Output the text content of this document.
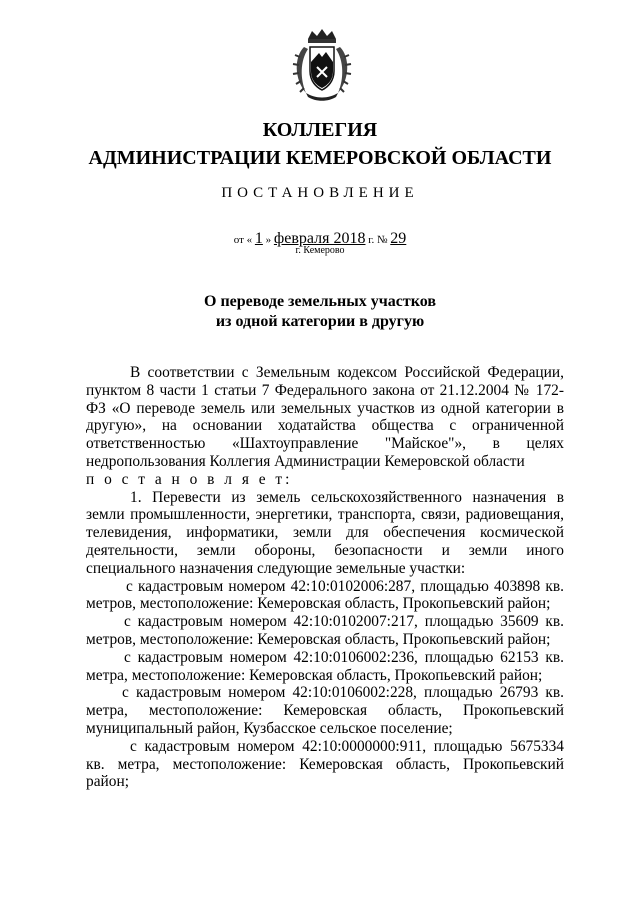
КОЛЛЕГИЯ
АДМИНИСТРАЦИИ КЕМЕРОВСКОЙ ОБЛАСТИ
ПОСТАНОВЛЕНИЕ
от « 1 » февраля 2018 г. № 29
г. Кемерово
О переводе земельных участков
из одной категории в другую

В соответствии с Земельным кодексом Российской Федерации, пунктом 8 части 1 статьи 7 Федерального закона от 21.12.2004 № 172-ФЗ «О переводе земель или земельных участков из одной категории в другую», на основании ходатайства общества с ограниченной ответственностью «Шахтоуправление "Майское"», в целях недропользования Коллегия Администрации Кемеровской области

п о с т а н о в л я е т:

1. Перевести из земель сельскохозяйственного назначения в земли промышленности, энергетики, транспорта, связи, радиовещания, телевидения, информатики, земли для обеспечения космической деятельности, земли обороны, безопасности и земли иного специального назначения следующие земельные участки:

с кадастровым номером 42:10:0102006:287, площадью 403898 кв. метров, местоположение: Кемеровская область, Прокопьевский район;

с кадастровым номером 42:10:0102007:217, площадью 35609 кв. метров, местоположение: Кемеровская область, Прокопьевский район;

с кадастровым номером 42:10:0106002:236, площадью 62153 кв. метра, местоположение: Кемеровская область, Прокопьевский район;

с кадастровым номером 42:10:0106002:228, площадью 26793 кв. метра, местоположение: Кемеровская область, Прокопьевский муниципальный район, Кузбасское сельское поселение;

с кадастровым номером 42:10:0000000:911, площадью 5675334 кв. метра, местоположение: Кемеровская область, Прокопьевский район;
